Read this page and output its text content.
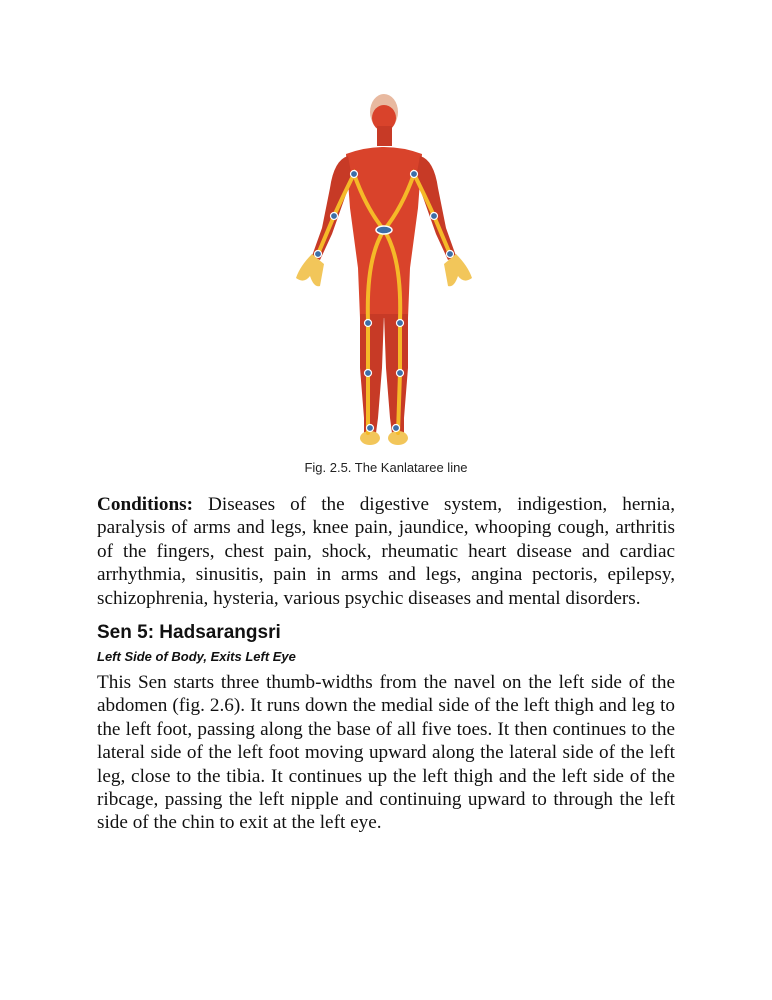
Fig. 2.5. The Kanlataree line

Conditions: Diseases of the digestive system, indigestion, hernia, paralysis of arms and legs, knee pain, jaundice, whooping cough, arthritis of the fingers, chest pain, shock, rheumatic heart disease and cardiac arrhythmia, sinusitis, pain in arms and legs, angina pectoris, epilepsy, schizophrenia, hysteria, various psychic diseases and mental disorders.

Sen 5: Hadsarangsri
Left Side of Body, Exits Left Eye

This Sen starts three thumb-widths from the navel on the left side of the abdomen (fig. 2.6). It runs down the medial side of the left thigh and leg to the left foot, passing along the base of all five toes. It then continues to the lateral side of the left foot moving upward along the lateral side of the left leg, close to the tibia. It continues up the left thigh and the left side of the ribcage, passing the left nipple and continuing upward to through the left side of the chin to exit at the left eye.
